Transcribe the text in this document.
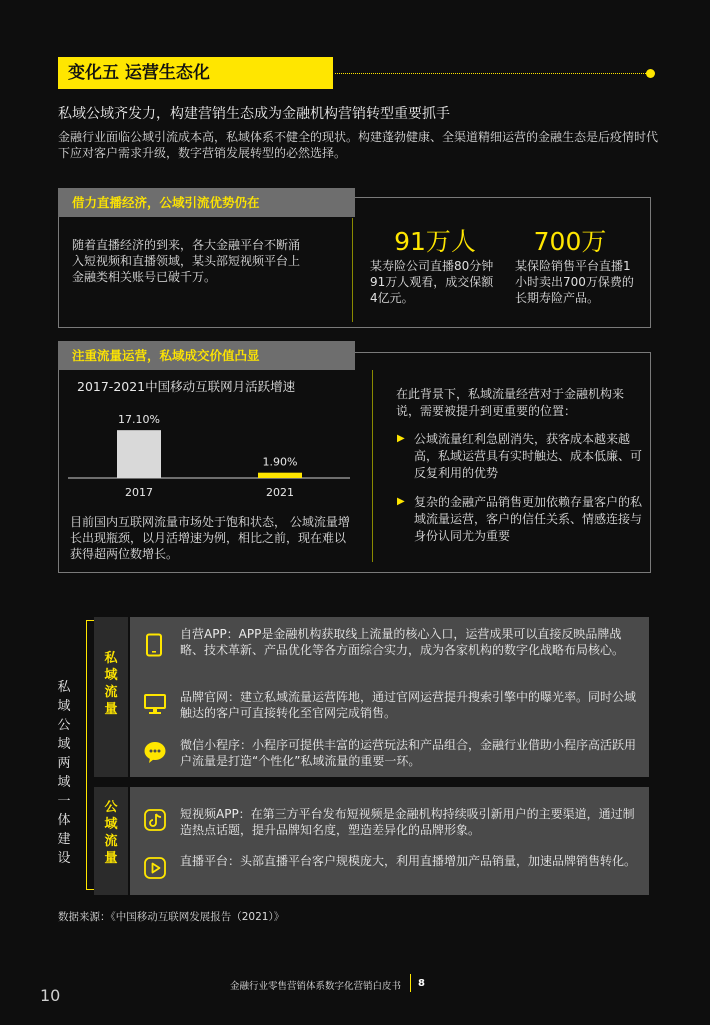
变化五 运营生态化
私域公域齐发力，构建营销生态成为金融机构营销转型重要抓手
金融行业面临公域引流成本高，私域体系不健全的现状。构建蓬勃健康、全渠道精细运营的金融生态是后疫情时代下应对客户需求升级，数字营销发展转型的必然选择。
借力直播经济，公域引流优势仍在
随着直播经济的到来，各大金融平台不断涌入短视频和直播领域，某头部短视频平台上金融类相关账号已破千万。
91万人
某寿险公司直播80分钟91万人观看，成交保额4亿元。
700万
某保险销售平台直播1小时卖出700万保费的长期寿险产品。
注重流量运营，私域成交价值凸显
2017-2021中国移动互联网月活跃增速
17.10%
2017
1.90%
2021
目前国内互联网流量市场处于饱和状态， 公域流量增长出现瓶颈，以月活增速为例，相比之前，现在难以获得超两位数增长。
在此背景下，私域流量经营对于金融机构来说，需要被提升到更重要的位置：
▶ 公域流量红利急剧消失，获客成本越来越高，私域运营具有实时触达、成本低廉、可反复利用的优势
▶ 复杂的金融产品销售更加依赖存量客户的私域流量运营，客户的信任关系、情感连接与身份认同尤为重要
私域公域两域一体建设
私域流量
公域流量
自营APP：APP是金融机构获取线上流量的核心入口，运营成果可以直接反映品牌战略、技术革新、产品优化等各方面综合实力，成为各家机构的数字化战略布局核心。
品牌官网：建立私域流量运营阵地，通过官网运营提升搜索引擎中的曝光率。同时公域触达的客户可直接转化至官网完成销售。
微信小程序：小程序可提供丰富的运营玩法和产品组合，金融行业借助小程序高活跃用户流量是打造“个性化”私域流量的重要一环。
短视频APP：在第三方平台发布短视频是金融机构持续吸引新用户的主要渠道，通过制造热点话题，提升品牌知名度，塑造差异化的品牌形象。
直播平台：头部直播平台客户规模庞大，利用直播增加产品销量，加速品牌销售转化。
数据来源：《中国移动互联网发展报告（2021）》
金融行业零售营销体系数字化营销白皮书 8
10
